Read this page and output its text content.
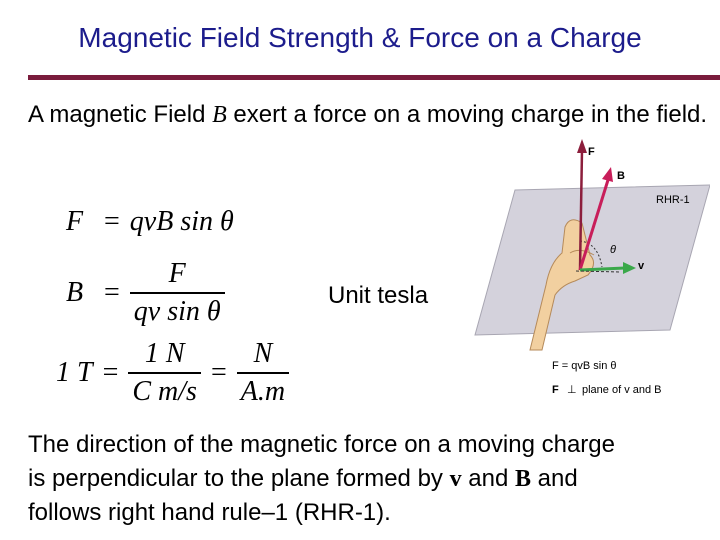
Magnetic Field Strength & Force on a Charge
A magnetic Field B exert a force on a moving charge in the field.
F = qvB sin θ
$B = \frac{F}{\text{qv sin θ}}$
1 $T = \frac{1 N}{\text{C m/s}} = \frac{N}{A.m}$
Unit tesla
F
B
RHR-1
θ
v
F = qvB sin θ
F ⊥ plane of v and B
The direction of the magnetic force on a moving charge is perpendicular to the plane formed by v and B and follows right hand rule–1 (RHR-1).
